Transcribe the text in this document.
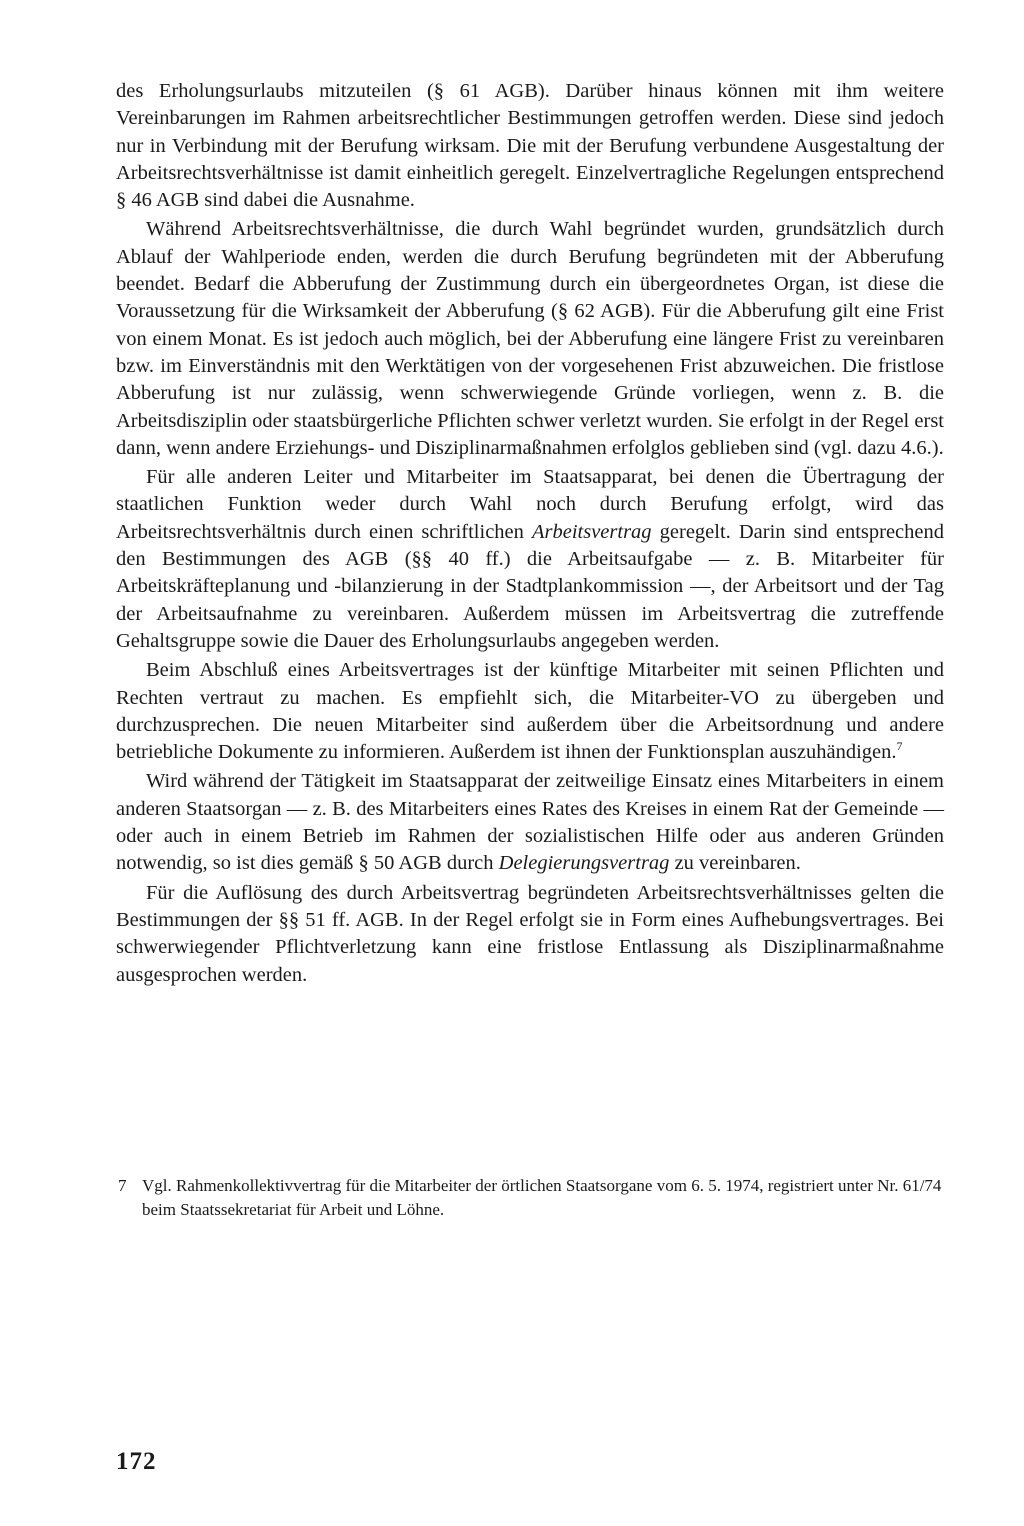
des Erholungsurlaubs mitzuteilen (§ 61 AGB). Darüber hinaus können mit ihm weitere Vereinbarungen im Rahmen arbeitsrechtlicher Bestimmungen getroffen werden. Diese sind jedoch nur in Verbindung mit der Berufung wirksam. Die mit der Berufung verbundene Ausgestaltung der Arbeitsrechtsverhältnisse ist damit einheitlich geregelt. Einzelvertragliche Regelungen entsprechend § 46 AGB sind dabei die Ausnahme.

Während Arbeitsrechtsverhältnisse, die durch Wahl begründet wurden, grundsätzlich durch Ablauf der Wahlperiode enden, werden die durch Berufung begründeten mit der Abberufung beendet. Bedarf die Abberufung der Zustimmung durch ein übergeordnetes Organ, ist diese die Voraussetzung für die Wirksamkeit der Abberufung (§ 62 AGB). Für die Abberufung gilt eine Frist von einem Monat. Es ist jedoch auch möglich, bei der Abberufung eine längere Frist zu vereinbaren bzw. im Einverständnis mit den Werktätigen von der vorgesehenen Frist abzuweichen. Die fristlose Abberufung ist nur zulässig, wenn schwerwiegende Gründe vorliegen, wenn z. B. die Arbeitsdisziplin oder staatsbürgerliche Pflichten schwer verletzt wurden. Sie erfolgt in der Regel erst dann, wenn andere Erziehungs- und Disziplinarmaßnahmen erfolglos geblieben sind (vgl. dazu 4.6.).

Für alle anderen Leiter und Mitarbeiter im Staatsapparat, bei denen die Übertragung der staatlichen Funktion weder durch Wahl noch durch Berufung erfolgt, wird das Arbeitsrechtsverhältnis durch einen schriftlichen Arbeitsvertrag geregelt. Darin sind entsprechend den Bestimmungen des AGB (§§ 40 ff.) die Arbeitsaufgabe — z. B. Mitarbeiter für Arbeitskräfteplanung und -bilanzierung in der Stadtplankommission —, der Arbeitsort und der Tag der Arbeitsaufnahme zu vereinbaren. Außerdem müssen im Arbeitsvertrag die zutreffende Gehaltsgruppe sowie die Dauer des Erholungsurlaubs angegeben werden.

Beim Abschluß eines Arbeitsvertrages ist der künftige Mitarbeiter mit seinen Pflichten und Rechten vertraut zu machen. Es empfiehlt sich, die Mitarbeiter-VO zu übergeben und durchzusprechen. Die neuen Mitarbeiter sind außerdem über die Arbeitsordnung und andere betriebliche Dokumente zu informieren. Außerdem ist ihnen der Funktionsplan auszuhändigen.$^7$

Wird während der Tätigkeit im Staatsapparat der zeitweilige Einsatz eines Mitarbeiters in einem anderen Staatsorgan — z. B. des Mitarbeiters eines Rates des Kreises in einem Rat der Gemeinde — oder auch in einem Betrieb im Rahmen der sozialistischen Hilfe oder aus anderen Gründen notwendig, so ist dies gemäß § 50 AGB durch Delegierungsvertrag zu vereinbaren.

Für die Auflösung des durch Arbeitsvertrag begründeten Arbeitsrechtsverhältnisses gelten die Bestimmungen der §§ 51 ff. AGB. In der Regel erfolgt sie in Form eines Aufhebungsvertrages. Bei schwerwiegender Pflichtverletzung kann eine fristlose Entlassung als Disziplinarmaßnahme ausgesprochen werden.

7 Vgl. Rahmenkollektivvertrag für die Mitarbeiter der örtlichen Staatsorgane vom 6. 5. 1974, registriert unter Nr. 61/74 beim Staatssekretariat für Arbeit und Löhne.
172
